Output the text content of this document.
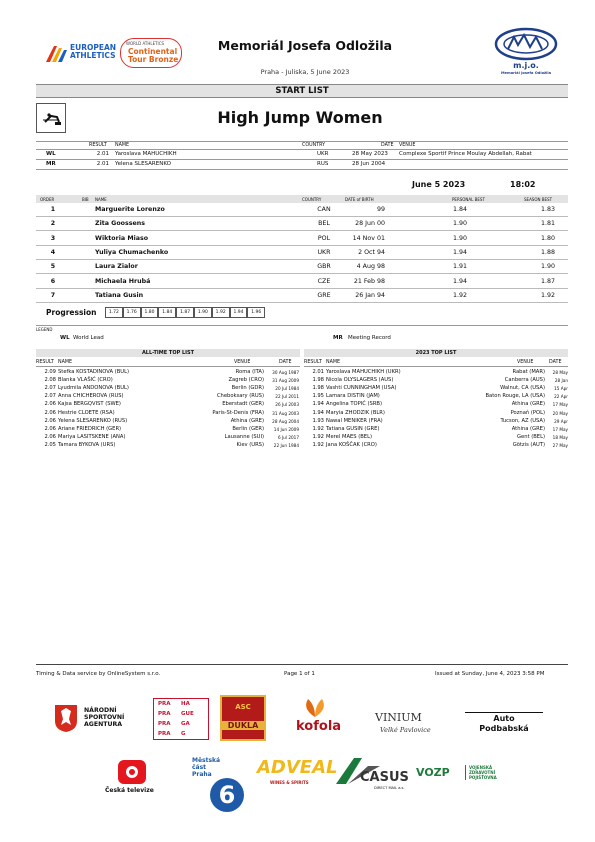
EUROPEAN
ATHLETICS
WORLD ATHLETICS
Continental
Tour Bronze
Memoriál Josefa Odložila
Praha - Juliska, 5 June 2023
m.j.o.
Memoriál Josefa Odložila
START LIST
High Jump Women
RESULT NAME	COUNTRY	DATE VENUE
WL	2.01 Yaroslava MAHUCHIKH	UKR	28 May 2023 Complexe Sportif Prince Moulay Abdellah, Rabat
MR	2.01 Yelena SLESARENKO	RUS	28 Jun 2004
June 5 2023	18:02
ORDER	BIB NAME	COUNTRY	DATE of BIRTH	PERSONAL BEST	SEASON BEST
1	Marguerite Lorenzo	CAN	99	1.84	1.83
2	Zita Goossens	BEL	28 Jun 00	1.90	1.81
3	Wiktoria Miaso	POL	14 Nov 01	1.90	1.80
4	Yuliya Chumachenko	UKR	2 Oct 94	1.94	1.88
5	Laura Zialor	GBR	4 Aug 98	1.91	1.90
6	Michaela Hrubá	CZE	21 Feb 98	1.94	1.87
7	Tatiana Gusin	GRE	26 Jan 94	1.92	1.92
Progression	1.72	1.76	1.80	1.84	1.87	1.90	1.92	1.94	1.96
LEGEND
WL World Lead	MR Meeting Record
ALL-TIME TOP LIST	2023 TOP LIST
RESULT NAME	VENUE	DATE	RESULT NAME	VENUE	DATE
2.09 Stefka KOSTADINOVA (BUL)	Roma (ITA)	30 Aug 1987
2.08 Blanka VLAŠIĆ (CRO)	Zagreb (CRO)	31 Aug 2009
2.07 Lyudmila ANDONOVA (BUL)	Berlin (GDR)	20 Jul 1984
2.07 Anna CHICHEROVA (RUS)	Cheboksary (RUS)	22 Jul 2011
2.06 Kajsa BERGQVIST (SWE)	Eberstadt (GER)	26 Jul 2003
2.06 Hestrie CLOETE (RSA)	Paris-St-Denis (FRA)	31 Aug 2003
2.06 Yelena SLESARENKO (RUS)	Athina (GRE)	28 Aug 2004
2.06 Ariane FRIEDRICH (GER)	Berlin (GER)	14 Jun 2009
2.06 Mariya LASITSKENE (ANA)	Lausanne (SUI)	6 Jul 2017
2.05 Tamara BYKOVA (URS)	Kiev (URS)	22 Jun 1984
2.01 Yaroslava MAHUCHIKH (UKR)	Rabat (MAR)	28 May
1.98 Nicola OLYSLAGERS (AUS)	Canberra (AUS)	28 Jan
1.98 Vashti CUNNINGHAM (USA)	Walnut, CA (USA)	15 Apr
1.95 Lamara DISTIN (JAM)	Baton Rouge, LA (USA)	22 Apr
1.94 Angelina TOPIĆ (SRB)	Athina (GRE)	17 May
1.94 Maryia ZHODZIK (BLR)	Poznań (POL)	20 May
1.93 Nawal MENIKER (FRA)	Tucson, AZ (USA)	29 Apr
1.92 Tatiana GUSIN (GRE)	Athina (GRE)	17 May
1.92 Merel MAES (BEL)	Gent (BEL)	18 May
1.92 Jana KOŠČAK (CRO)	Götzis (AUT)	27 May
Timing & Data service by OnlineSystem s.r.o.	Page 1 of 1	Issued at Sunday, June 4, 2023 3:58 PM
NÁRODNÍ
SPORTOVNÍ
AGENTURA
PRA	HA
PRA	GUE
PRA	GA
PRA	G
ASC
DUKLA	kofola
VINIUM
Velké Pavlovice
Auto
Podbabská
Česká televize
Městská
část
Praha
6
ADVEAL
WINES & SPIRITS	CASUS
DIRECT MAIL a.s.
VOZP	VOJENSKÁ
ZDRAVOTNÍ
POJIŠŤOVNA
